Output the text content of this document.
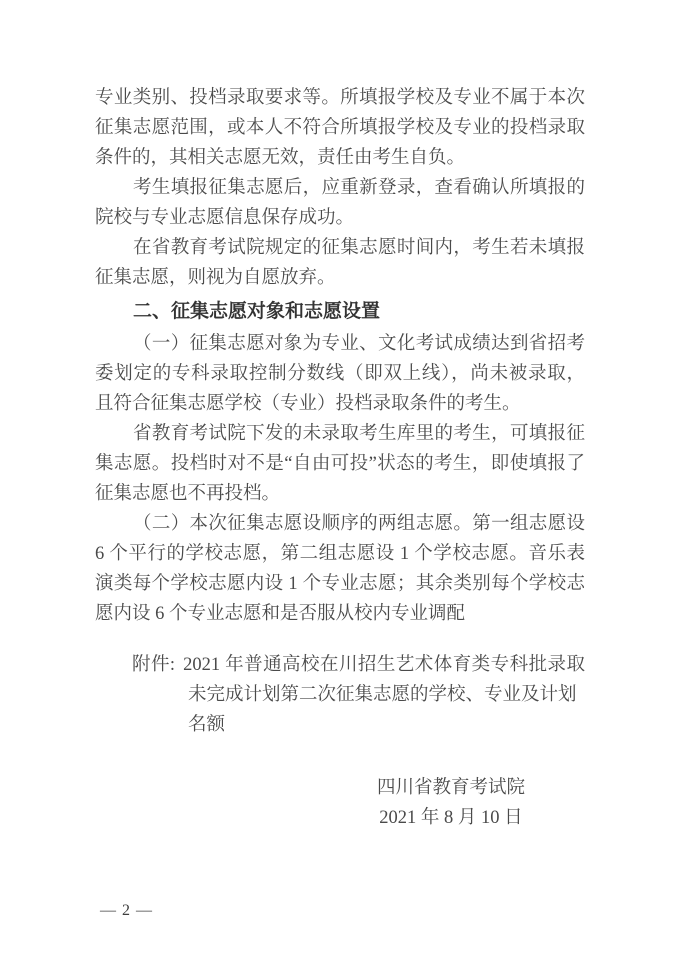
专业类别、投档录取要求等。所填报学校及专业不属于本次
征集志愿范围，或本人不符合所填报学校及专业的投档录取
条件的，其相关志愿无效，责任由考生自负。
考生填报征集志愿后，应重新登录，查看确认所填报的
院校与专业志愿信息保存成功。
在省教育考试院规定的征集志愿时间内，考生若未填报
征集志愿，则视为自愿放弃。
二、征集志愿对象和志愿设置
（一）征集志愿对象为专业、文化考试成绩达到省招考
委划定的专科录取控制分数线（即双上线），尚未被录取，
且符合征集志愿学校（专业）投档录取条件的考生。
省教育考试院下发的未录取考生库里的考生，可填报征
集志愿。投档时对不是“自由可投”状态的考生，即使填报了
征集志愿也不再投档。
（二）本次征集志愿设顺序的两组志愿。第一组志愿设
6 个平行的学校志愿，第二组志愿设 1 个学校志愿。音乐表
演类每个学校志愿内设 1 个专业志愿；其余类别每个学校志
愿内设 6 个专业志愿和是否服从校内专业调配
附件: 2021 年普通高校在川招生艺术体育类专科批录取
未完成计划第二次征集志愿的学校、专业及计划
名额
四川省教育考试院
2021 年 8 月 10 日
— 2 —
